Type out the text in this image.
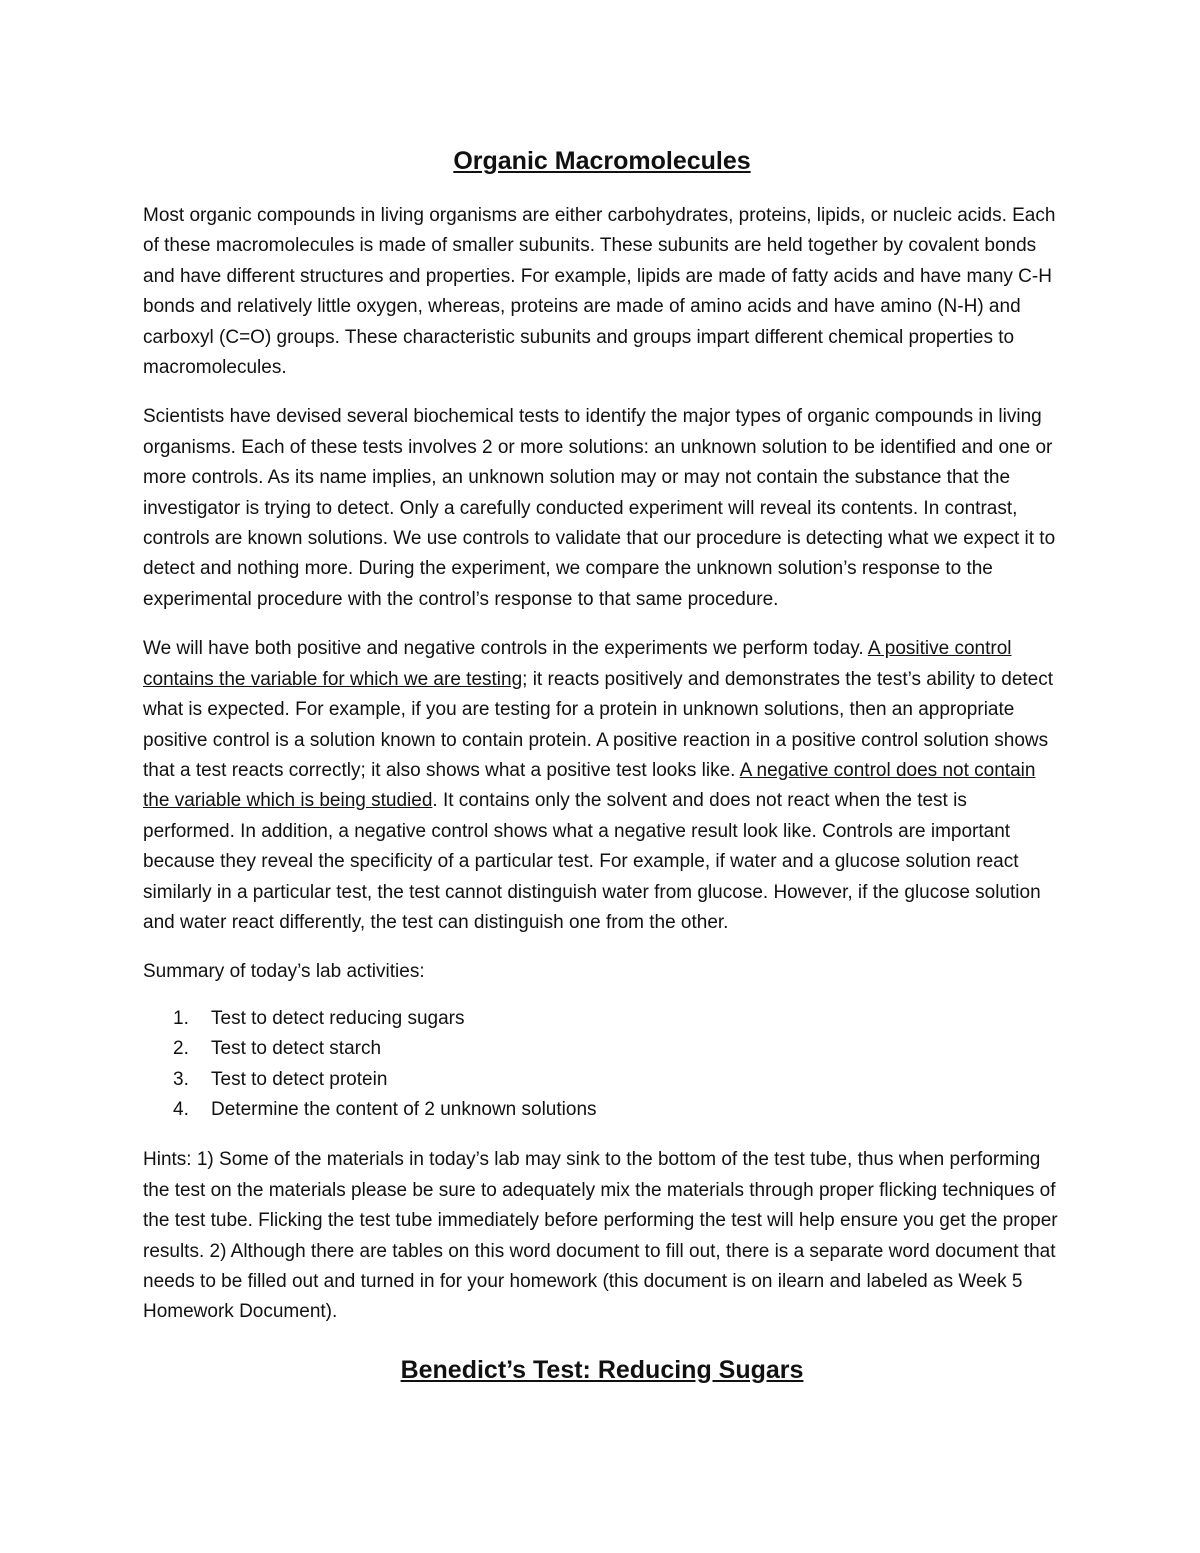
Organic Macromolecules

Most organic compounds in living organisms are either carbohydrates, proteins, lipids, or nucleic acids. Each of these macromolecules is made of smaller subunits. These subunits are held together by covalent bonds and have different structures and properties. For example, lipids are made of fatty acids and have many C-H bonds and relatively little oxygen, whereas, proteins are made of amino acids and have amino (N-H) and carboxyl (C=O) groups. These characteristic subunits and groups impart different chemical properties to macromolecules.

Scientists have devised several biochemical tests to identify the major types of organic compounds in living organisms. Each of these tests involves 2 or more solutions: an unknown solution to be identified and one or more controls. As its name implies, an unknown solution may or may not contain the substance that the investigator is trying to detect. Only a carefully conducted experiment will reveal its contents. In contrast, controls are known solutions. We use controls to validate that our procedure is detecting what we expect it to detect and nothing more. During the experiment, we compare the unknown solution’s response to the experimental procedure with the control’s response to that same procedure.

We will have both positive and negative controls in the experiments we perform today. A positive control contains the variable for which we are testing; it reacts positively and demonstrates the test’s ability to detect what is expected. For example, if you are testing for a protein in unknown solutions, then an appropriate positive control is a solution known to contain protein. A positive reaction in a positive control solution shows that a test reacts correctly; it also shows what a positive test looks like. A negative control does not contain the variable which is being studied. It contains only the solvent and does not react when the test is performed. In addition, a negative control shows what a negative result look like. Controls are important because they reveal the specificity of a particular test. For example, if water and a glucose solution react similarly in a particular test, the test cannot distinguish water from glucose. However, if the glucose solution and water react differently, the test can distinguish one from the other.

Summary of today’s lab activities:

1. Test to detect reducing sugars
2. Test to detect starch
3. Test to detect protein
4. Determine the content of 2 unknown solutions

Hints: 1) Some of the materials in today’s lab may sink to the bottom of the test tube, thus when performing the test on the materials please be sure to adequately mix the materials through proper flicking techniques of the test tube. Flicking the test tube immediately before performing the test will help ensure you get the proper results. 2) Although there are tables on this word document to fill out, there is a separate word document that needs to be filled out and turned in for your homework (this document is on ilearn and labeled as Week 5 Homework Document).

Benedict’s Test: Reducing Sugars
